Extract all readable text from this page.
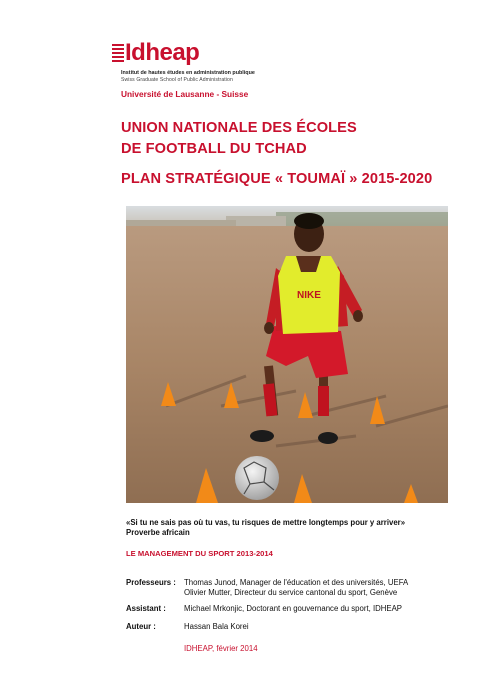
Idheap
Institut de hautes études en administration publique
Swiss Graduate School of Public Administration
Université de Lausanne - Suisse
UNION NATIONALE DES ÉCOLES
DE FOOTBALL DU TCHAD
PLAN STRATÉGIQUE « TOUMAÏ » 2015-2020
NIKE
«Si tu ne sais pas où tu vas, tu risques de mettre longtemps pour y arriver»
Proverbe africain
LE MANAGEMENT DU SPORT 2013-2014
Professeurs : Thomas Junod, Manager de l'éducation et des universités, UEFA
Olivier Mutter, Directeur du service cantonal du sport, Genève
Assistant : Michael Mrkonjic, Doctorant en gouvernance du sport, IDHEAP
Auteur :	Hassan Bala Korei
IDHEAP, février 2014
